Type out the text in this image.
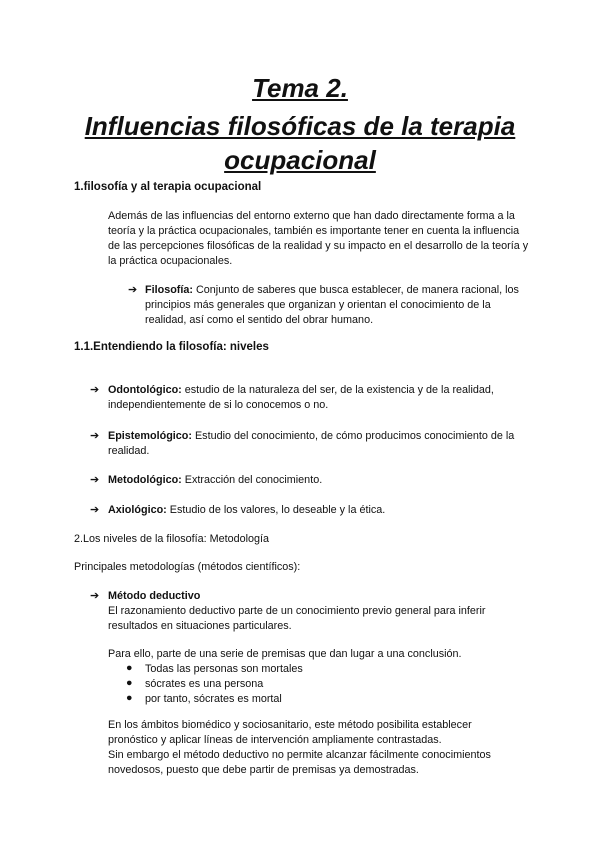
Tema 2.
Influencias filosóficas de la terapia
ocupacional

1.filosofía y al terapia ocupacional

Además de las influencias del entorno externo que han dado directamente forma a la teoría y la práctica ocupacionales, también es importante tener en cuenta la influencia de las percepciones filosóficas de la realidad y su impacto en el desarrollo de la teoría y la práctica ocupacionales.

➔ Filosofía: Conjunto de saberes que busca establecer, de manera racional, los principios más generales que organizan y orientan el conocimiento de la realidad, así como el sentido del obrar humano.

1.1.Entendiendo la filosofía: niveles

➔ Odontológico: estudio de la naturaleza del ser, de la existencia y de la realidad, independientemente de si lo conocemos o no.

➔ Epistemológico: Estudio del conocimiento, de cómo producimos conocimiento de la realidad.

➔ Metodológico: Extracción del conocimiento.

➔ Axiológico: Estudio de los valores, lo deseable y la ética.

2.Los niveles de la filosofía: Metodología

Principales metodologías (métodos científicos):

➔ Método deductivo

El razonamiento deductivo parte de un conocimiento previo general para inferir resultados en situaciones particulares.

Para ello, parte de una serie de premisas que dan lugar a una conclusión.

● Todas las personas son mortales

● sócrates es una persona

● por tanto, sócrates es mortal

En los ámbitos biomédico y sociosanitario, este método posibilita establecer pronóstico y aplicar líneas de intervención ampliamente contrastadas.

Sin embargo el método deductivo no permite alcanzar fácilmente conocimientos novedosos, puesto que debe partir de premisas ya demostradas.
